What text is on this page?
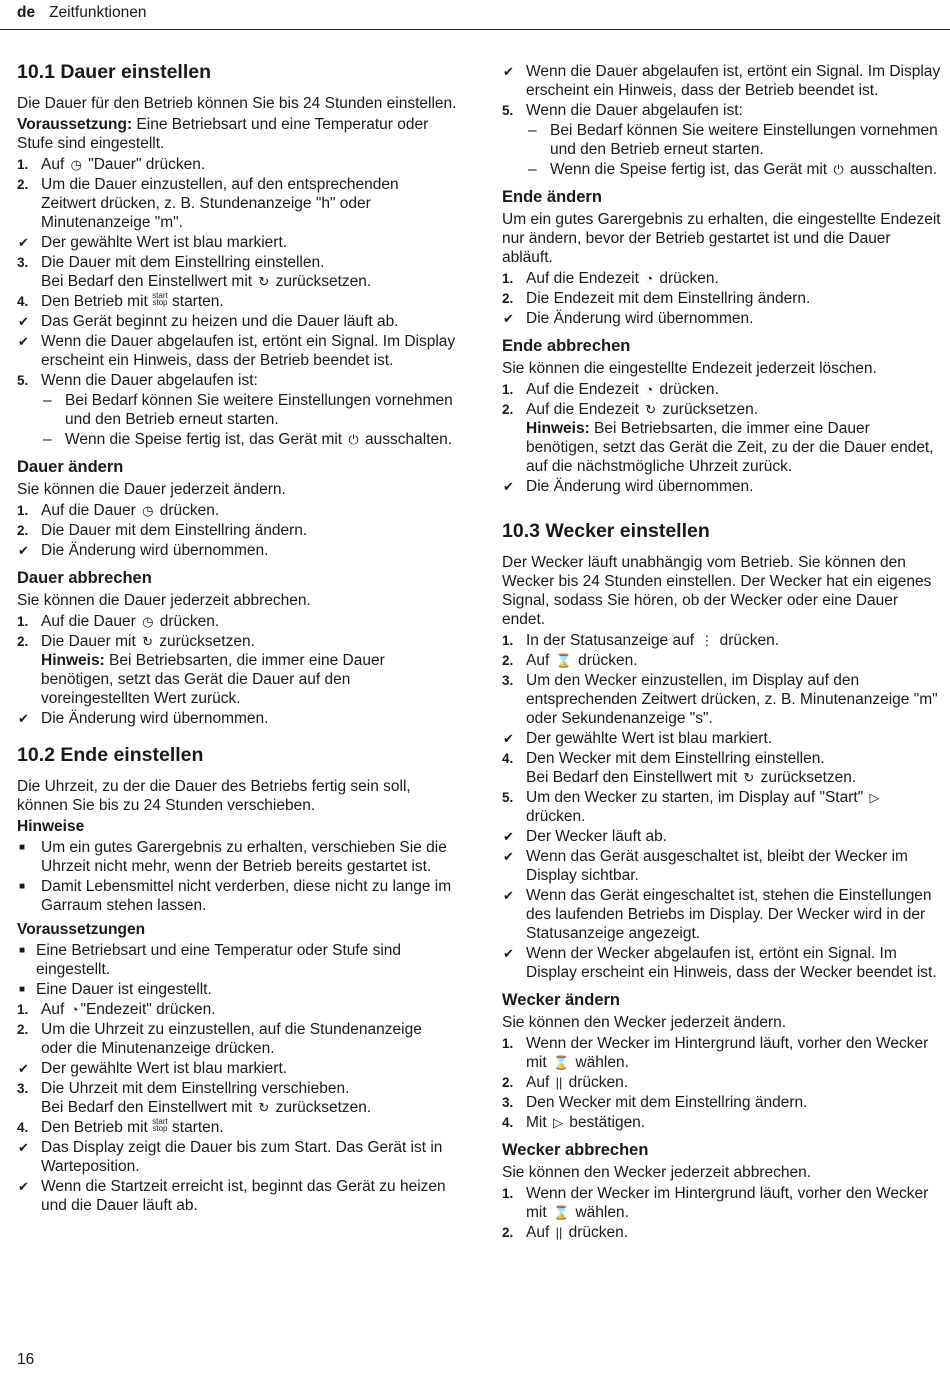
de Zeitfunktionen
10.1 Dauer einstellen

Die Dauer für den Betrieb können Sie bis 24 Stunden einstellen.

Voraussetzung: Eine Betriebsart und eine Temperatur oder Stufe sind eingestellt.

1. Auf ◷ "Dauer" drücken.
2. Um die Dauer einzustellen, auf den entsprechenden Zeitwert drücken, z. B. Stundenanzeige "h" oder Minutenanzeige "m".
✔ Der gewählte Wert ist blau markiert.
3. Die Dauer mit dem Einstellring einstellen.
Bei Bedarf den Einstellwert mit ↻ zurücksetzen.
4. Den Betrieb mit start
stop starten.
✔ Das Gerät beginnt zu heizen und die Dauer läuft ab.
✔ Wenn die Dauer abgelaufen ist, ertönt ein Signal. Im Display erscheint ein Hinweis, dass der Betrieb beendet ist.
5. Wenn die Dauer abgelaufen ist:
– Bei Bedarf können Sie weitere Einstellungen vornehmen und den Betrieb erneut starten.
– Wenn die Speise fertig ist, das Gerät mit ⏻ ausschalten.
Dauer ändern

Sie können die Dauer jederzeit ändern.

1. Auf die Dauer ◷ drücken.
2. Die Dauer mit dem Einstellring ändern.
✔ Die Änderung wird übernommen.
Dauer abbrechen

Sie können die Dauer jederzeit abbrechen.

1. Auf die Dauer ◷ drücken.
2. Die Dauer mit ↻ zurücksetzen.
Hinweis: Bei Betriebsarten, die immer eine Dauer benötigen, setzt das Gerät die Dauer auf den voreingestellten Wert zurück.
✔ Die Änderung wird übernommen.
10.2 Ende einstellen

Die Uhrzeit, zu der die Dauer des Betriebs fertig sein soll, können Sie bis zu 24 Stunden verschieben.

Hinweise

■ Um ein gutes Garergebnis zu erhalten, verschieben Sie die Uhrzeit nicht mehr, wenn der Betrieb bereits gestartet ist.
■ Damit Lebensmittel nicht verderben, diese nicht zu lange im Garraum stehen lassen.

Voraussetzungen

■ Eine Betriebsart und eine Temperatur oder Stufe sind eingestellt.
■ Eine Dauer ist eingestellt.
1. Auf ◔ "Endezeit" drücken.
2. Um die Uhrzeit zu einzustellen, auf die Stundenanzeige oder die Minutenanzeige drücken.
✔ Der gewählte Wert ist blau markiert.
3. Die Uhrzeit mit dem Einstellring verschieben.
Bei Bedarf den Einstellwert mit ↻ zurücksetzen.
4. Den Betrieb mit start
stop starten.
✔ Das Display zeigt die Dauer bis zum Start. Das Gerät ist in Warteposition.
✔ Wenn die Startzeit erreicht ist, beginnt das Gerät zu heizen und die Dauer läuft ab.
✔ Wenn die Dauer abgelaufen ist, ertönt ein Signal. Im Display erscheint ein Hinweis, dass der Betrieb beendet ist.
5. Wenn die Dauer abgelaufen ist:
– Bei Bedarf können Sie weitere Einstellungen vornehmen und den Betrieb erneut starten.
– Wenn die Speise fertig ist, das Gerät mit ⏻ ausschalten.
Ende ändern

Um ein gutes Garergebnis zu erhalten, die eingestellte Endezeit nur ändern, bevor der Betrieb gestartet ist und die Dauer abläuft.

1. Auf die Endezeit ◔ drücken.
2. Die Endezeit mit dem Einstellring ändern.
✔ Die Änderung wird übernommen.
Ende abbrechen

Sie können die eingestellte Endezeit jederzeit löschen.

1. Auf die Endezeit ◔ drücken.
2. Auf die Endezeit ↻ zurücksetzen.
Hinweis: Bei Betriebsarten, die immer eine Dauer benötigen, setzt das Gerät die Zeit, zu der die Dauer endet, auf die nächstmögliche Uhrzeit zurück.
✔ Die Änderung wird übernommen.
10.3 Wecker einstellen

Der Wecker läuft unabhängig vom Betrieb. Sie können den Wecker bis 24 Stunden einstellen. Der Wecker hat ein eigenes Signal, sodass Sie hören, ob der Wecker oder eine Dauer endet.

1. In der Statusanzeige auf ⋮ drücken.
2. Auf ⌛ drücken.
3. Um den Wecker einzustellen, im Display auf den entsprechenden Zeitwert drücken, z. B. Minutenanzeige "m" oder Sekundenanzeige "s".
✔ Der gewählte Wert ist blau markiert.
4. Den Wecker mit dem Einstellring einstellen.
Bei Bedarf den Einstellwert mit ↻ zurücksetzen.
5. Um den Wecker zu starten, im Display auf "Start" ▷ drücken.
✔ Der Wecker läuft ab.
✔ Wenn das Gerät ausgeschaltet ist, bleibt der Wecker im Display sichtbar.
✔ Wenn das Gerät eingeschaltet ist, stehen die Einstellungen des laufenden Betriebs im Display. Der Wecker wird in der Statusanzeige angezeigt.
✔ Wenn der Wecker abgelaufen ist, ertönt ein Signal. Im Display erscheint ein Hinweis, dass der Wecker beendet ist.
Wecker ändern

Sie können den Wecker jederzeit ändern.

1. Wenn der Wecker im Hintergrund läuft, vorher den Wecker mit ⌛ wählen.
2. Auf || drücken.
3. Den Wecker mit dem Einstellring ändern.
4. Mit ▷ bestätigen.
Wecker abbrechen

Sie können den Wecker jederzeit abbrechen.

1. Wenn der Wecker im Hintergrund läuft, vorher den Wecker mit ⌛ wählen.
2. Auf || drücken.
16
